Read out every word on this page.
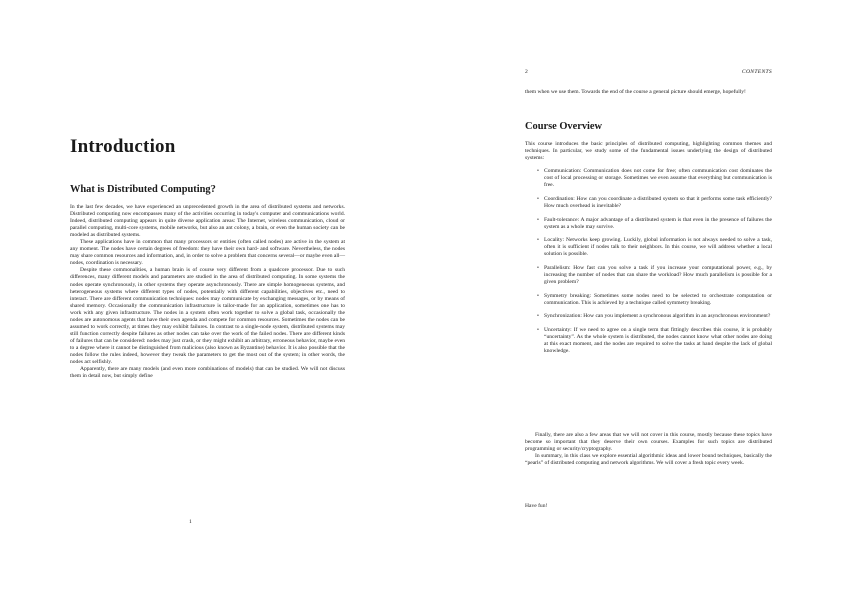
Introduction
What is Distributed Computing?

In the last few decades, we have experienced an unprecedented growth in the area of distributed systems and networks. Distributed computing now encompasses many of the activities occurring in today's computer and communications world. Indeed, distributed computing appears in quite diverse application areas: The Internet, wireless communication, cloud or parallel computing, multi-core systems, mobile networks, but also an ant colony, a brain, or even the human society can be modeled as distributed systems.

These applications have in common that many processors or entities (often called nodes) are active in the system at any moment. The nodes have certain degrees of freedom: they have their own hard- and software. Nevertheless, the nodes may share common resources and information, and, in order to solve a problem that concerns several—or maybe even all—nodes, coordination is necessary.

Despite these commonalities, a human brain is of course very different from a quadcore processor. Due to such differences, many different models and parameters are studied in the area of distributed computing. In some systems the nodes operate synchronously, in other systems they operate asynchronously. There are simple homogeneous systems, and heterogeneous systems where different types of nodes, potentially with different capabilities, objectives etc., need to interact. There are different communication techniques: nodes may communicate by exchanging messages, or by means of shared memory. Occasionally the communication infrastructure is tailor-made for an application, sometimes one has to work with any given infrastructure. The nodes in a system often work together to solve a global task, occasionally the nodes are autonomous agents that have their own agenda and compete for common resources. Sometimes the nodes can be assumed to work correctly, at times they may exhibit failures. In contrast to a single-node system, distributed systems may still function correctly despite failures as other nodes can take over the work of the failed nodes. There are different kinds of failures that can be considered: nodes may just crash, or they might exhibit an arbitrary, erroneous behavior, maybe even to a degree where it cannot be distinguished from malicious (also known as Byzantine) behavior. It is also possible that the nodes follow the rules indeed, however they tweak the parameters to get the most out of the system; in other words, the nodes act selfishly.

Apparently, there are many models (and even more combinations of models) that can be studied. We will not discuss them in detail now, but simply define

1
2	CONTENTS

them when we use them. Towards the end of the course a general picture should emerge, hopefully!

Course Overview

This course introduces the basic principles of distributed computing, highlighting common themes and techniques. In particular, we study some of the fundamental issues underlying the design of distributed systems:

• Communication: Communication does not come for free; often communication cost dominates the cost of local processing or storage. Sometimes we even assume that everything but communication is free.
• Coordination: How can you coordinate a distributed system so that it performs some task efficiently? How much overhead is inevitable?
• Fault-tolerance: A major advantage of a distributed system is that even in the presence of failures the system as a whole may survive.
• Locality: Networks keep growing. Luckily, global information is not always needed to solve a task, often it is sufficient if nodes talk to their neighbors. In this course, we will address whether a local solution is possible.
• Parallelism: How fast can you solve a task if you increase your computational power, e.g., by increasing the number of nodes that can share the workload? How much parallelism is possible for a given problem?
• Symmetry breaking: Sometimes some nodes need to be selected to orchestrate computation or communication. This is achieved by a technique called symmetry breaking.
• Synchronization: How can you implement a synchronous algorithm in an asynchronous environment?
• Uncertainty: If we need to agree on a single term that fittingly describes this course, it is probably “uncertainty”. As the whole system is distributed, the nodes cannot know what other nodes are doing at this exact moment, and the nodes are required to solve the tasks at hand despite the lack of global knowledge.

Finally, there are also a few areas that we will not cover in this course, mostly because these topics have become so important that they deserve their own courses. Examples for such topics are distributed programming or security/cryptography.

In summary, in this class we explore essential algorithmic ideas and lower bound techniques, basically the “pearls” of distributed computing and network algorithms. We will cover a fresh topic every week.

Have fun!
